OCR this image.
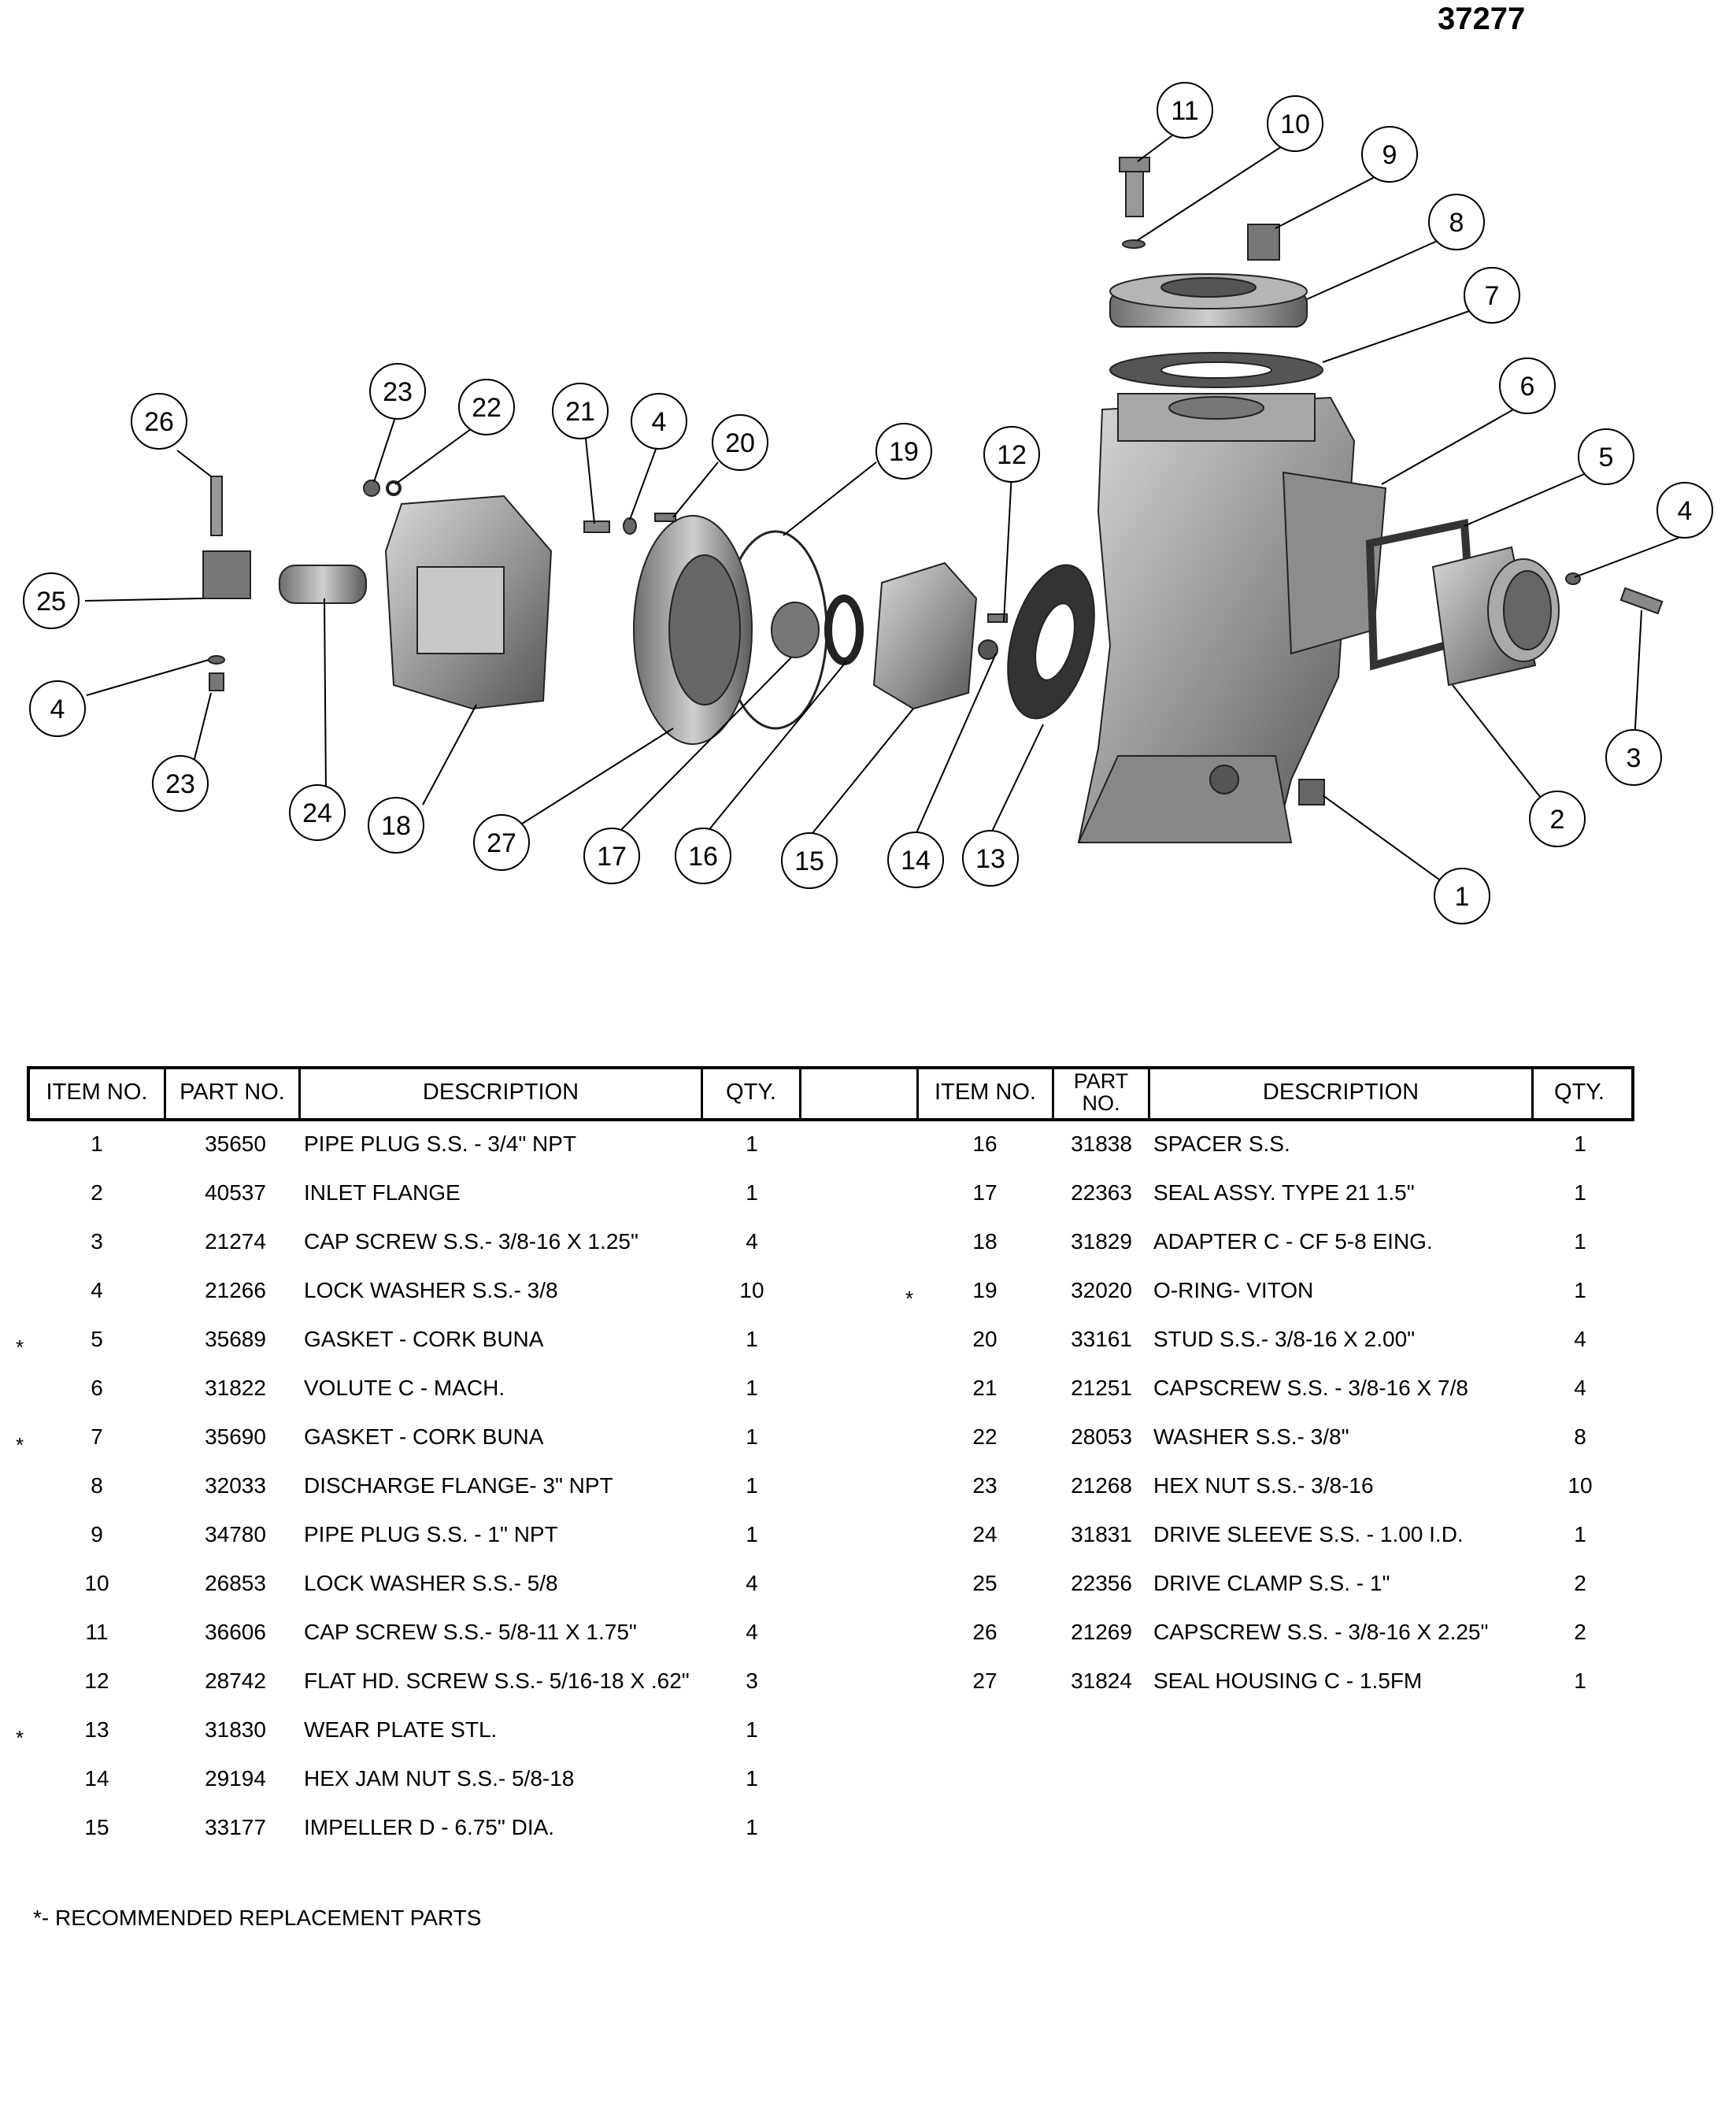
37277
1
2
3
4
5
6
7
8
9
10
11
12
13
14
15
16
17
18
19
20
21
22
23
24
25
26
27
4
4
23
ITEM NO.	PART NO.	DESCRIPTION	QTY.	ITEM NO.	PART NO.	DESCRIPTION	QTY.
1	35650	PIPE PLUG S.S. - 3/4" NPT	1
2	40537	INLET FLANGE	1
3	21274	CAP SCREW S.S.- 3/8-16 X 1.25"	4
4	21266	LOCK WASHER S.S.- 3/8	10
*	5	35689	GASKET - CORK BUNA	1
6	31822	VOLUTE C - MACH.	1
*	7	35690	GASKET - CORK BUNA	1
8	32033	DISCHARGE FLANGE- 3" NPT	1
9	34780	PIPE PLUG S.S. - 1" NPT	1
10	26853	LOCK WASHER S.S.- 5/8	4
11	36606	CAP SCREW S.S.- 5/8-11 X 1.75"	4
12	28742	FLAT HD. SCREW S.S.- 5/16-18 X .62"	3
*	13	31830	WEAR PLATE STL.	1
14	29194	HEX JAM NUT S.S.- 5/8-18	1
15	33177	IMPELLER D - 6.75" DIA.	1
16	31838 SPACER S.S.	1
17	22363 SEAL ASSY. TYPE 21 1.5"	1
18	31829 ADAPTER C - CF 5-8 EING.	1
*	19	32020 O-RING- VITON	1
20	33161 STUD S.S.- 3/8-16 X 2.00"	4
21	21251 CAPSCREW S.S. - 3/8-16 X 7/8	4
22	28053 WASHER S.S.- 3/8"	8
23	21268 HEX NUT S.S.- 3/8-16	10
24	31831 DRIVE SLEEVE S.S. - 1.00 I.D.	1
25	22356 DRIVE CLAMP S.S. - 1"	2
26	21269 CAPSCREW S.S. - 3/8-16 X 2.25"	2
27	31824 SEAL HOUSING C - 1.5FM	1
*- RECOMMENDED REPLACEMENT PARTS
